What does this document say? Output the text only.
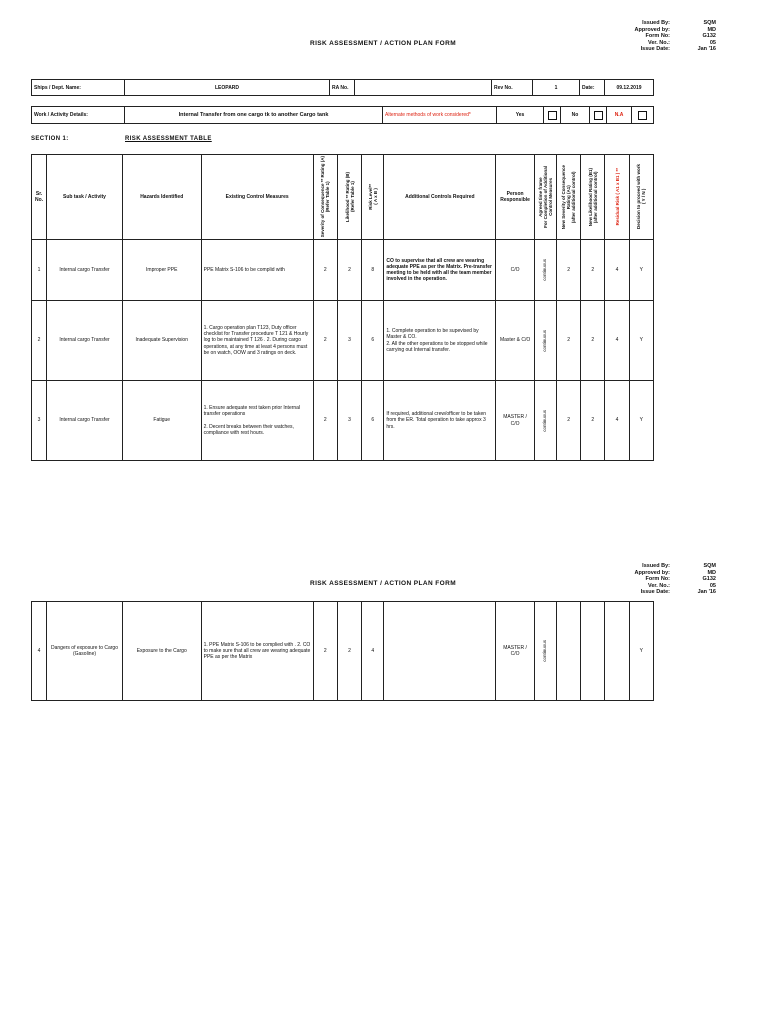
Issued By:	SQM
Approved by:	MD
Form No:	G132
Ver. No.:	05
Issue Date:	Jan '16
RISK ASSESSMENT / ACTION PLAN FORM
Ships / Dept. Name:	LEOPARD	RA No.		Rev No.	1	Date:	09.12.2019
Work / Activity Details:	Internal Transfer from one cargo tk to another Cargo tank	Alternate methods of work considered*	Yes		No		N.A	
SECTION 1:	RISK ASSESSMENT TABLE
Sr. No.	Sub task / Activity	Hazards Identified	Existing Control Measures	Severity of Consequence ** Rating (A)
(Refer Table 1)	Likelihood ** Rating (B)
(Refer Table 1)	Risk Level**
( A x B )	Additional Controls Required	Person Responsible	Agreed time frame
For Completion of Additional
Control Measures	New Severity of Consequence
Rating (A1)
(after additional control)	New Likelihood Rating (B1)
(after additional control)	Residual Risk ( A1 x B1 ) **	Decision to proceed with work
( Y / N )

1	Internal cargo Transfer	Improper PPE	PPE Matrix S-106 to be complid with	2	2	8	CO to supervise that all crew are wearing adequate PPE as per the Matrix. Pre-transfer meeting to be held with all the team member involved in the operation.	C/O	continuous	2	2	4	Y
2	Internal cargo Transfer	Inadequate Supervision	1. Cargo operation plan T123, Duty officer checklist for Transfer procedure T 121 & Hourly log to be maintained T 126 . 2. During cargo operations, at any time at least 4 persons must be on watch, OOW and 3 ratings on deck.	2	3	6	1. Complete operation to be supevised by Master & CO.
2. All the other operations to be stopped while carrying out Internal transfer.	Master & C/O	continuous	2	2	4	Y
3	Internal cargo Transfer	Fatigue	1. Ensure adequate rest taken prior Internal transfer operations

2. Decent breaks between their watches, compliance with rest hours.	2	3	6	If required, additional crew/officer to be taken from the ER. Total operation to take approx 3 hrs.	MASTER / C/O	continuous	2	2	4	Y
Issued By:	SQM
Approved by:	MD
Form No:	G132
Ver. No.:	05
Issue Date:	Jan '16
RISK ASSESSMENT / ACTION PLAN FORM
4	Dangers of exposure to Cargo (Gasoline)	Exposure to the Cargo	1. PPE Matrix S-106 to be complied with . 2. CO to make sure that all crew are wearing adequate PPE as per the Matrix	2	2	4		MASTER / C/O	continuous				Y
